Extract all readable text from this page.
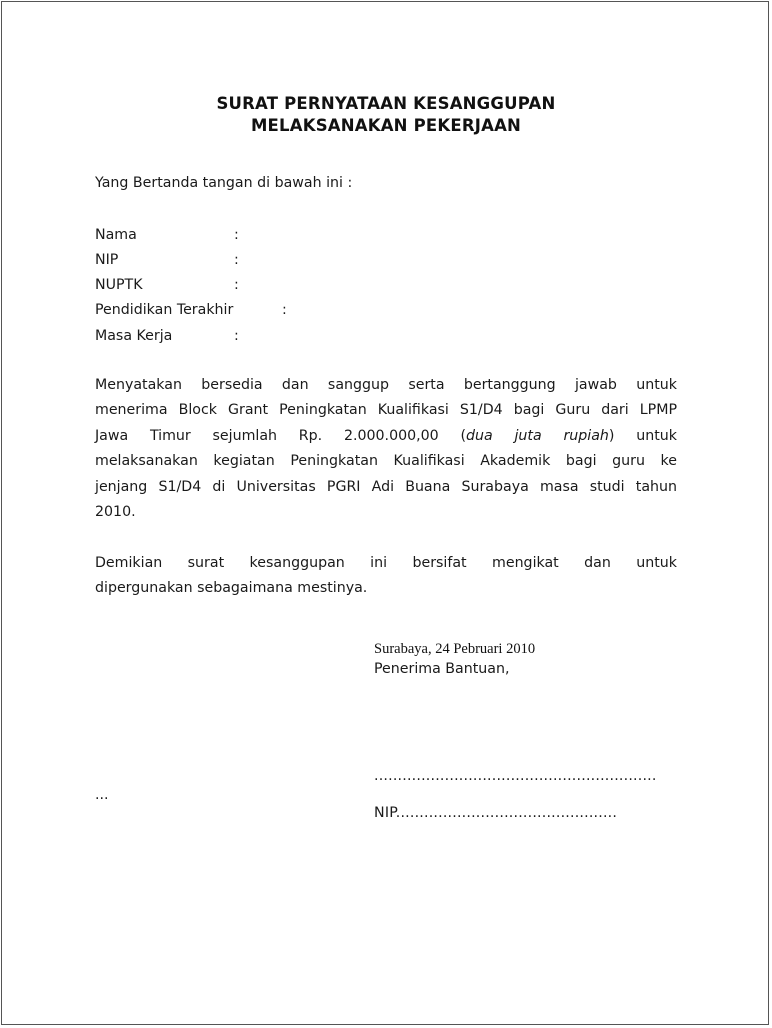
SURAT PERNYATAAN KESANGGUPAN
MELAKSANAKAN PEKERJAAN
Yang Bertanda tangan di bawah ini :
Nama	:
NIP	:
NUPTK	:
Pendidikan Terakhir	:
Masa Kerja	:
Menyatakan bersedia dan sanggup serta bertanggung jawab untuk
menerima Block Grant Peningkatan Kualifikasi S1/D4 bagi Guru dari LPMP
Jawa Timur sejumlah Rp. 2.000.000,00 (dua juta rupiah) untuk
melaksanakan kegiatan Peningkatan Kualifikasi Akademik bagi guru ke
jenjang S1/D4 di Universitas PGRI Adi Buana Surabaya masa studi tahun
2010.
Demikian surat kesanggupan ini bersifat mengikat dan untuk
dipergunakan sebagaimana mestinya.
Surabaya, 24 Pebruari 2010
Penerima Bantuan,
............................................................
...
NIP...............................................
